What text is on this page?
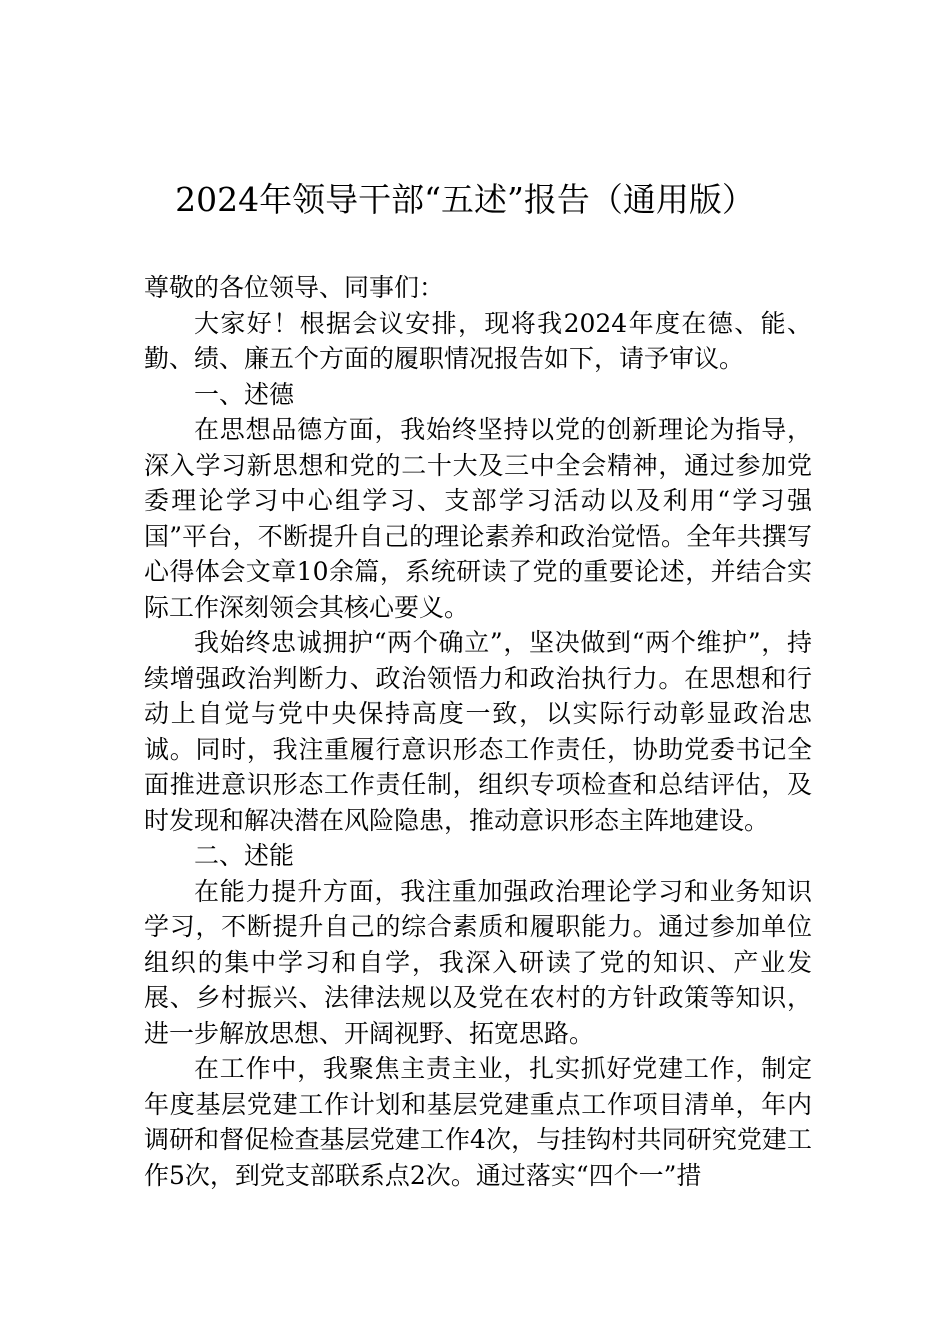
2024年领导干部“五述”报告（通用版）

尊敬的各位领导、同事们：

大家好！根据会议安排，现将我2024年度在德、能、勤、绩、廉五个方面的履职情况报告如下，请予审议。

一、述德

在思想品德方面，我始终坚持以党的创新理论为指导，深入学习新思想和党的二十大及三中全会精神，通过参加党委理论学习中心组学习、支部学习活动以及利用“学习强国”平台，不断提升自己的理论素养和政治觉悟。全年共撰写心得体会文章10余篇，系统研读了党的重要论述，并结合实际工作深刻领会其核心要义。

我始终忠诚拥护“两个确立”，坚决做到“两个维护”，持续增强政治判断力、政治领悟力和政治执行力。在思想和行动上自觉与党中央保持高度一致，以实际行动彰显政治忠诚。同时，我注重履行意识形态工作责任，协助党委书记全面推进意识形态工作责任制，组织专项检查和总结评估，及时发现和解决潜在风险隐患，推动意识形态主阵地建设。

二、述能

在能力提升方面，我注重加强政治理论学习和业务知识学习，不断提升自己的综合素质和履职能力。通过参加单位组织的集中学习和自学，我深入研读了党的知识、产业发展、乡村振兴、法律法规以及党在农村的方针政策等知识，进一步解放思想、开阔视野、拓宽思路。

在工作中，我聚焦主责主业，扎实抓好党建工作，制定年度基层党建工作计划和基层党建重点工作项目清单，年内调研和督促检查基层党建工作4次，与挂钩村共同研究党建工作5次，到党支部联系点2次。通过落实“四个一”措
